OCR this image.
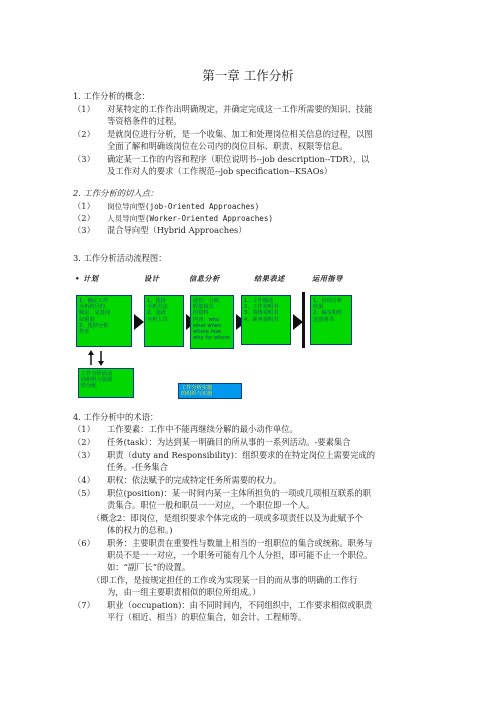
第一章 工作分析
1. 工作分析的概念：
（1） 对某特定的工作作出明确规定，并确定完成这一工作所需要的知识、技能
等资格条件的过程。
（2） 是就岗位进行分析，是一个收集、加工和处理岗位相关信息的过程，以图
全面了解和明确该岗位在公司内的岗位目标、职责、权限等信息。
（3） 确定某一工作的内容和程序（职位说明书--job description--TDR），以
及工作对人的要求（工作规范--job specification--KSAOs）
2. 工作分析的切入点：
（1） 岗位导向型(job-Oriented Approaches)
（2） 人员导向型(Worker-Oriented Approaches)
（3） 混合导向型（Hybrid Approaches）
3. 工作分析活动流程图：
• 计划	设计	信息分析	结果表述	运用指导
1、确定工作
分析的目的
制定、完善岗
位职责
2、选择分析
样本
1、选择
分析方法
2、选择
分析人员
途径：分析，
收集相关
的资料
内容：who
what when
where how
why for whom
1、工作描述
2、工作说明书
3、资格说明书
4、职务说明书
1、培训分析
结果
2、编写和传
达说明书
工作分析活动
的组织与资源
的分配	工作分析实施
的组织与实施
4. 工作分析中的术语：
（1） 工作要素：工作中不能再继续分解的最小动作单位。
（2） 任务(task）：为达到某一明确目的所从事的一系列活动。-要素集合
（3） 职责（duty and Responsibility)：组织要求的在特定岗位上需要完成的
任务。-任务集合
（4） 职权：依法赋予的完成特定任务所需要的权力。
（5） 职位(position)：某一时间内某一主体所担负的一项或几项相互联系的职
责集合。职位一般和职员一一对应，一个职位即一个人。
（概念2：即岗位，是组织要求个体完成的一项或多项责任以及为此赋予个
体的权力的总和。)
（6） 职务：主要职责在重要性与数量上相当的一组职位的集合或统称。职务与
职员不是一一对应，一个职务可能有几个人分担，即可能不止一个职位。
如：“副厂长”的设置。
（即工作，是按规定担任的工作或为实现某一目的而从事的明确的工作行
为，由一组主要职责相似的职位所组成。）
（7） 职业（occupation)：由不同时间内，不同组织中，工作要求相似或职责
平行（相近、相当）的职位集合，如会计、工程师等。
